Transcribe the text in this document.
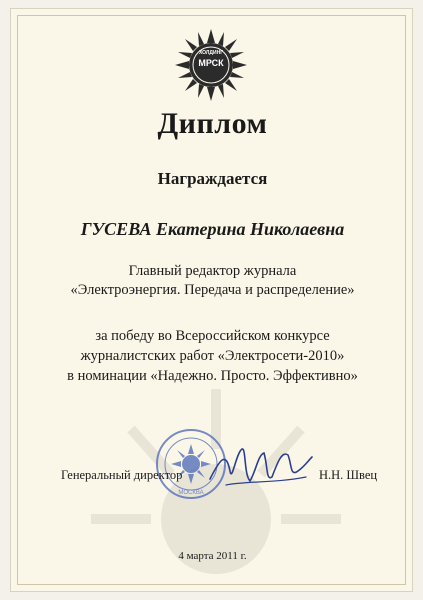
ХОЛДИНГ
МРСК
Диплом
Награждается
ГУСЕВА Екатерина Николаевна
Главный редактор журнала
«Электроэнергия. Передача и распределение»
за победу во Всероссийском конкурсе
журналистских работ «Электросети-2010»
в номинации «Надежно. Просто. Эффективно»
МОСКВА
Генеральный директор	Н.Н. Швец
4 марта 2011 г.
